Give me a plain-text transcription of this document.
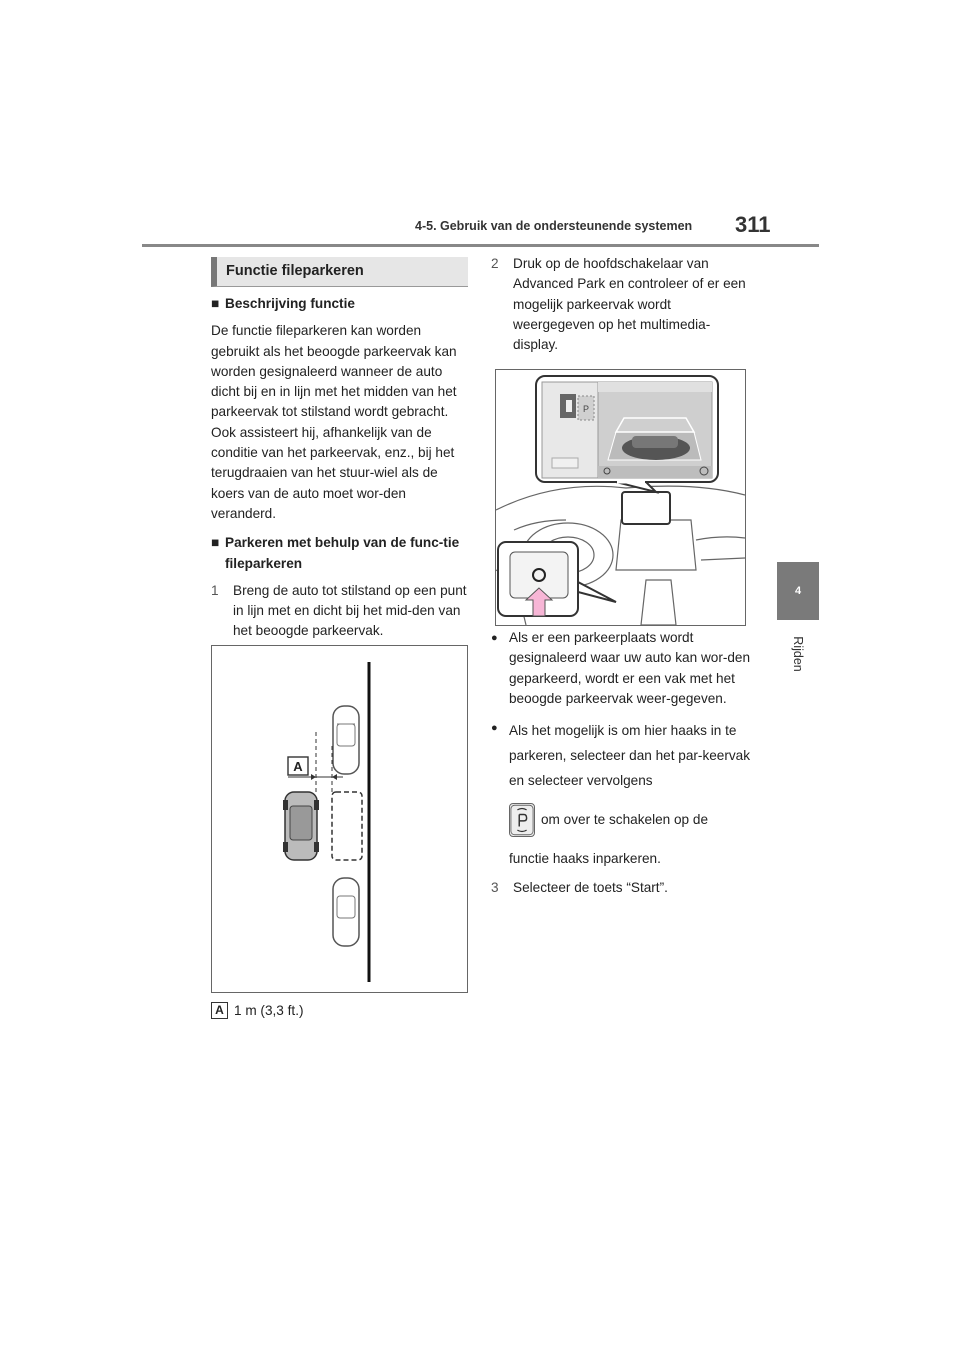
4-5. Gebruik van de ondersteunende systemen 311
4
Rijden
Functie fileparkeren
■ Beschrijving functie

De functie fileparkeren kan worden gebruikt als het beoogde parkeervak kan worden gesignaleerd wanneer de auto dicht bij en in lijn met het midden van het parkeervak tot stilstand wordt gebracht. Ook assisteert hij, afhankelijk van de conditie van het parkeervak, enz., bij het terugdraaien van het stuur-wiel als de koers van de auto moet wor-den veranderd.

■ Parkeren met behulp van de func-tie fileparkeren
1	Breng de auto tot stilstand op een punt in lijn met en dicht bij het mid-den van het beoogde parkeervak.
A
A 1 m (3,3 ft.)
2	Druk op de hoofdschakelaar van Advanced Park en controleer of er een mogelijk parkeervak wordt weergegeven op het multimedia-display.
P
● Als er een parkeerplaats wordt gesignaleerd waar uw auto kan wor-den geparkeerd, wordt er een vak met het beoogde parkeervak weer-gegeven.
● Als het mogelijk is om hier haaks in te parkeren, selecteer dan het par-keervak en selecteer vervolgens
om over te schakelen op de
functie haaks inparkeren.
3	Selecteer de toets “Start”.
